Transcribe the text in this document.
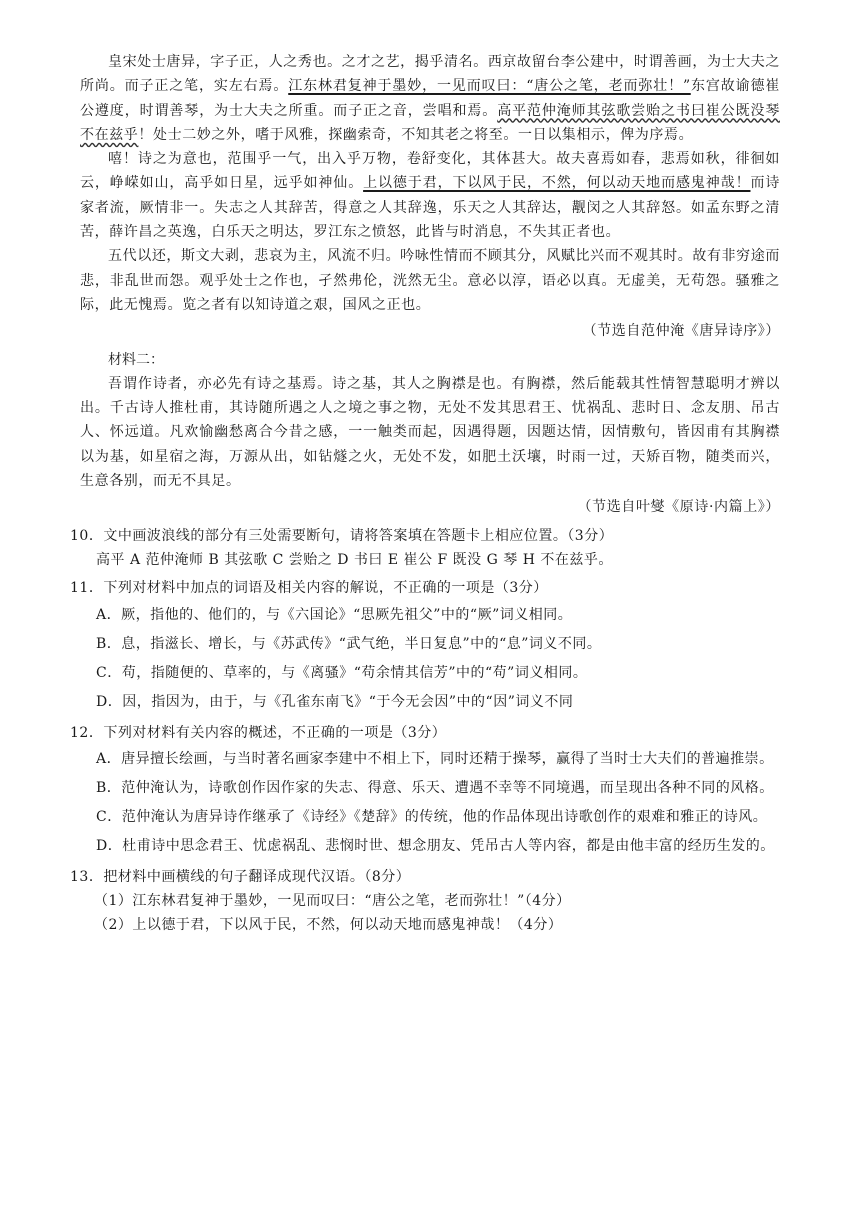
皇宋处士唐异，字子正，人之秀也。之才之艺，揭乎清名。西京故留台李公建中，时谓善画，为士大夫之所尚。而子正之笔，实左右焉。江东林君复神于墨妙，一见而叹曰：“唐公之笔，老而弥壮！”东宫故谕德崔公遵度，时谓善琴，为士大夫之所重。而子正之音，尝唱和焉。高平范仲淹师其弦歌尝贻之书曰崔公既没琴不在兹乎！处士二妙之外，嗜于风雅，探幽索奇，不知其老之将至。一日以集相示，俾为序焉。

嘻！诗之为意也，范围乎一气，出入乎万物，卷舒变化，其体甚大。故夫喜焉如春，悲焉如秋，徘徊如云，峥嵘如山，高乎如日星，远乎如神仙。上以德于君，下以风于民，不然，何以动天地而感鬼神哉！而诗家者流，厥情非一。失志之人其辞苦，得意之人其辞逸，乐天之人其辞达，觏闵之人其辞怒。如孟东野之清苦，薛许昌之英逸，白乐天之明达，罗江东之愤怒，此皆与时消息，不失其正者也。

五代以还，斯文大剥，悲哀为主，风流不归。吟咏性情而不顾其分，风赋比兴而不观其时。故有非穷途而悲，非乱世而怨。观乎处士之作也，孑然弗伦，洸然无尘。意必以淳，语必以真。无虚美，无苟怨。骚雅之际，此无愧焉。览之者有以知诗道之艰，国风之正也。

（节选自范仲淹《唐异诗序》）

材料二：

吾谓作诗者，亦必先有诗之基焉。诗之基，其人之胸襟是也。有胸襟，然后能载其性情智慧聪明才辨以出。千古诗人推杜甫，其诗随所遇之人之境之事之物，无处不发其思君王、忧祸乱、悲时日、念友朋、吊古人、怀远道。凡欢愉幽愁离合今昔之感，一一触类而起，因遇得题，因题达情，因情敷句，皆因甫有其胸襟以为基，如星宿之海，万源从出，如钻燧之火，无处不发，如肥土沃壤，时雨一过，天矫百物，随类而兴，生意各别，而无不具足。

（节选自叶燮《原诗·内篇上》）

10．文中画波浪线的部分有三处需要断句，请将答案填在答题卡上相应位置。（3分）

高平 A 范仲淹师 B 其弦歌 C 尝贻之 D 书曰 E 崔公 F 既没 G 琴 H 不在兹乎。

11．下列对材料中加点的词语及相关内容的解说，不正确的一项是（3分）

A．厥，指他的、他们的，与《六国论》“思厥先祖父”中的“厥”词义相同。

B．息，指滋长、增长，与《苏武传》“武气绝，半日复息”中的“息”词义不同。

C．苟，指随便的、草率的，与《离骚》“苟余情其信芳”中的“苟”词义相同。

D．因，指因为，由于，与《孔雀东南飞》“于今无会因”中的“因”词义不同

12．下列对材料有关内容的概述，不正确的一项是（3分）

A．唐异擅长绘画，与当时著名画家李建中不相上下，同时还精于操琴，赢得了当时士大夫们的普遍推崇。

B．范仲淹认为，诗歌创作因作家的失志、得意、乐天、遭遇不幸等不同境遇，而呈现出各种不同的风格。

C．范仲淹认为唐异诗作继承了《诗经》《楚辞》的传统，他的作品体现出诗歌创作的艰难和雅正的诗风。

D．杜甫诗中思念君王、忧虑祸乱、悲悯时世、想念朋友、凭吊古人等内容，都是由他丰富的经历生发的。

13．把材料中画横线的句子翻译成现代汉语。（8分）

（1）江东林君复神于墨妙，一见而叹曰：“唐公之笔，老而弥壮！”（4分）

（2）上以德于君，下以风于民，不然，何以动天地而感鬼神哉！（4分）
